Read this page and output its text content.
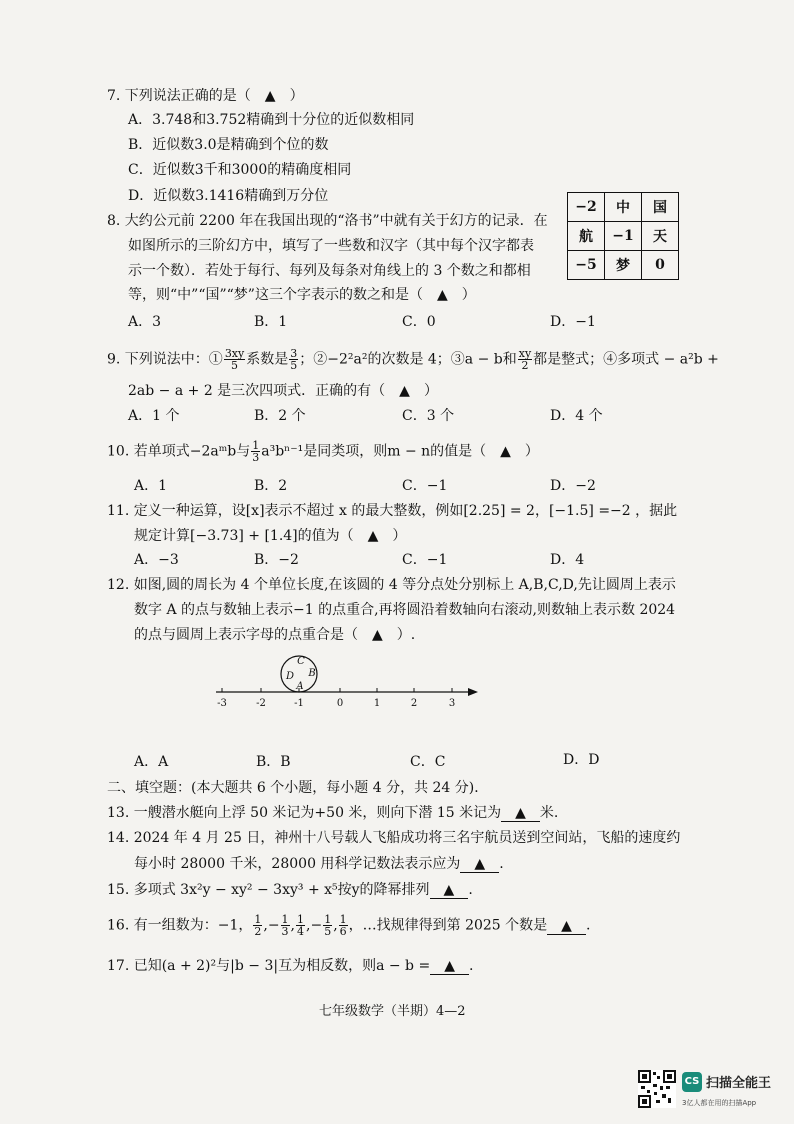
7. 下列说法正确的是（　▲　）
A．3.748和3.752精确到十分位的近似数相同
B．近似数3.0是精确到个位的数
C．近似数3千和3000的精确度相同
D．近似数3.1416精确到万分位
8. 大约公元前 2200 年在我国出现的“洛书”中就有关于幻方的记录．在
如图所示的三阶幻方中，填写了一些数和汉字（其中每个汉字都表
示一个数）．若处于每行、每列及每条对角线上的 3 个数之和都相
等，则“中”“国”“梦”这三个字表示的数之和是（　▲　）
A．3	B．1	C．0	D．−1
−2	中	国
航	−1	天
−5	梦	0
9. 下列说法中：① $\frac{3xy}{5}$ 系数是 $\frac{3}{5}$ ；②−2²a²的次数是 4；③a − b和 $\frac{xy}{2}$ 都是整式；④多项式 − a²b +
2ab − a + 2 是三次四项式．正确的有（　▲　）
A．1 个	B．2 个	C．3 个	D．4 个
10. 若单项式−2aᵐb与 $\frac{1}{3} a^3b^{n-1}$是同类项，则m − n的值是（　▲　）
A．1	B．2	C．−1	D．−2
11. 定义一种运算，设[x]表示不超过 x 的最大整数，例如[2.25] = 2，[−1.5] =−2 ，据此
规定计算[−3.73] + [1.4]的值为（　▲　）
A．−3	B．−2	C．−1	D．4
12. 如图,圆的周长为 4 个单位长度,在该圆的 4 等分点处分别标上 A,B,C,D,先让圆周上表示
数字 A 的点与数轴上表示−1 的点重合,再将圆沿着数轴向右滚动,则数轴上表示数 2024
的点与圆周上表示字母的点重合是（　▲　）.
-3	-2	-1	0	1	2	3
C
B
D
A
A．A	B．B	C．C	D．D
二、填空题：(本大题共 6 个小题，每小题 4 分，共 24 分)．
13. 一艘潜水艇向上浮 50 米记为+50 米，则向下潜 15 米记为 ▲ 米.
14. 2024 年 4 月 25 日，神州十八号载人飞船成功将三名宇航员送到空间站，飞船的速度约
每小时 28000 千米，28000 用科学记数法表示应为 ▲ .
15. 多项式 3x²y − xy² − 3xy³ + x⁵按y的降幂排列 ▲ .
16. 有一组数为：−1， $\frac{1}{2}$ ,− $\frac{1}{3}$ , $\frac{1}{4}$ ,− $\frac{1}{5}$ , $\frac{1}{6}$ ，…找规律得到第 2025 个数是 ▲ .
17. 已知(a + 2)²与|b − 3|互为相反数，则a − b = ▲ .
七年级数学（半期）4—2
CS 扫描全能王
3亿人都在用的扫描App
